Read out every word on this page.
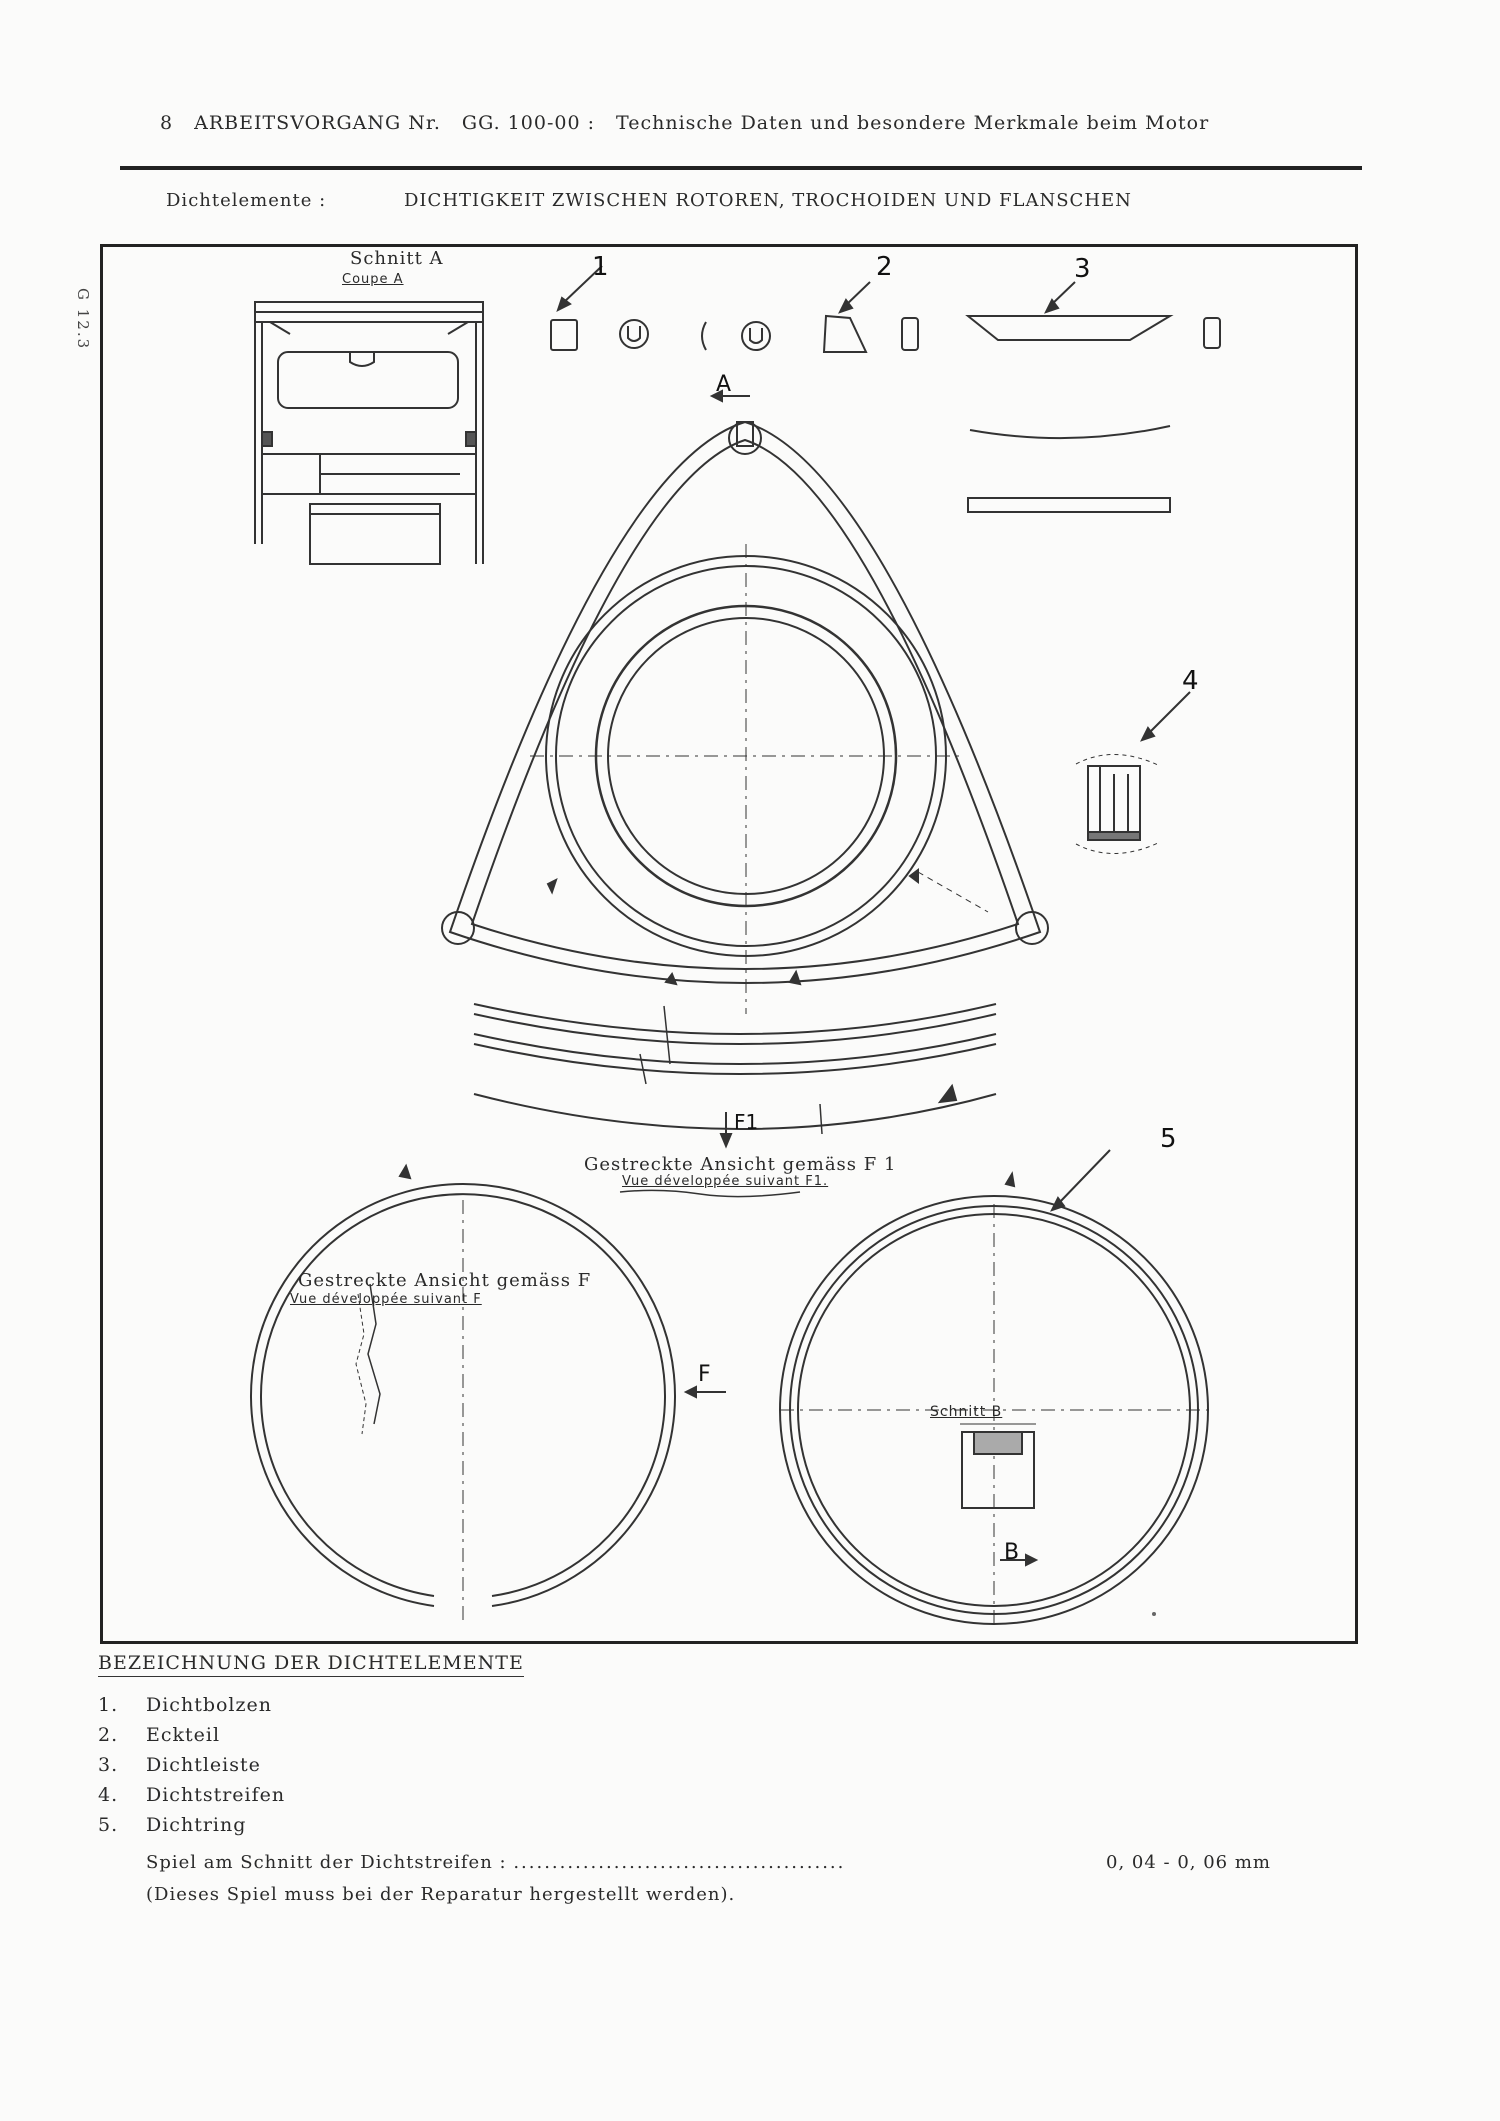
8 ARBEITSVORGANG Nr. GG. 100-00 : Technische Daten und besondere Merkmale beim Motor
Dichtelemente :	DICHTIGKEIT ZWISCHEN ROTOREN, TROCHOIDEN UND FLANSCHEN
G 12.3
Schnitt A
Coupe A	1	2	3
4
5
A
F1
F
B
Gestreckte Ansicht gemäss F 1
Vue développée suivant F1.
Gestreckte Ansicht gemäss F
Vue développée suivant F
Schnitt B
BEZEICHNUNG DER DICHTELEMENTE
1. Dichtbolzen
2. Eckteil
3. Dichtleiste
4. Dichtstreifen
5. Dichtring
Spiel am Schnitt der Dichtstreifen : ...........................................	0, 04 - 0, 06 mm
(Dieses Spiel muss bei der Reparatur hergestellt werden).
